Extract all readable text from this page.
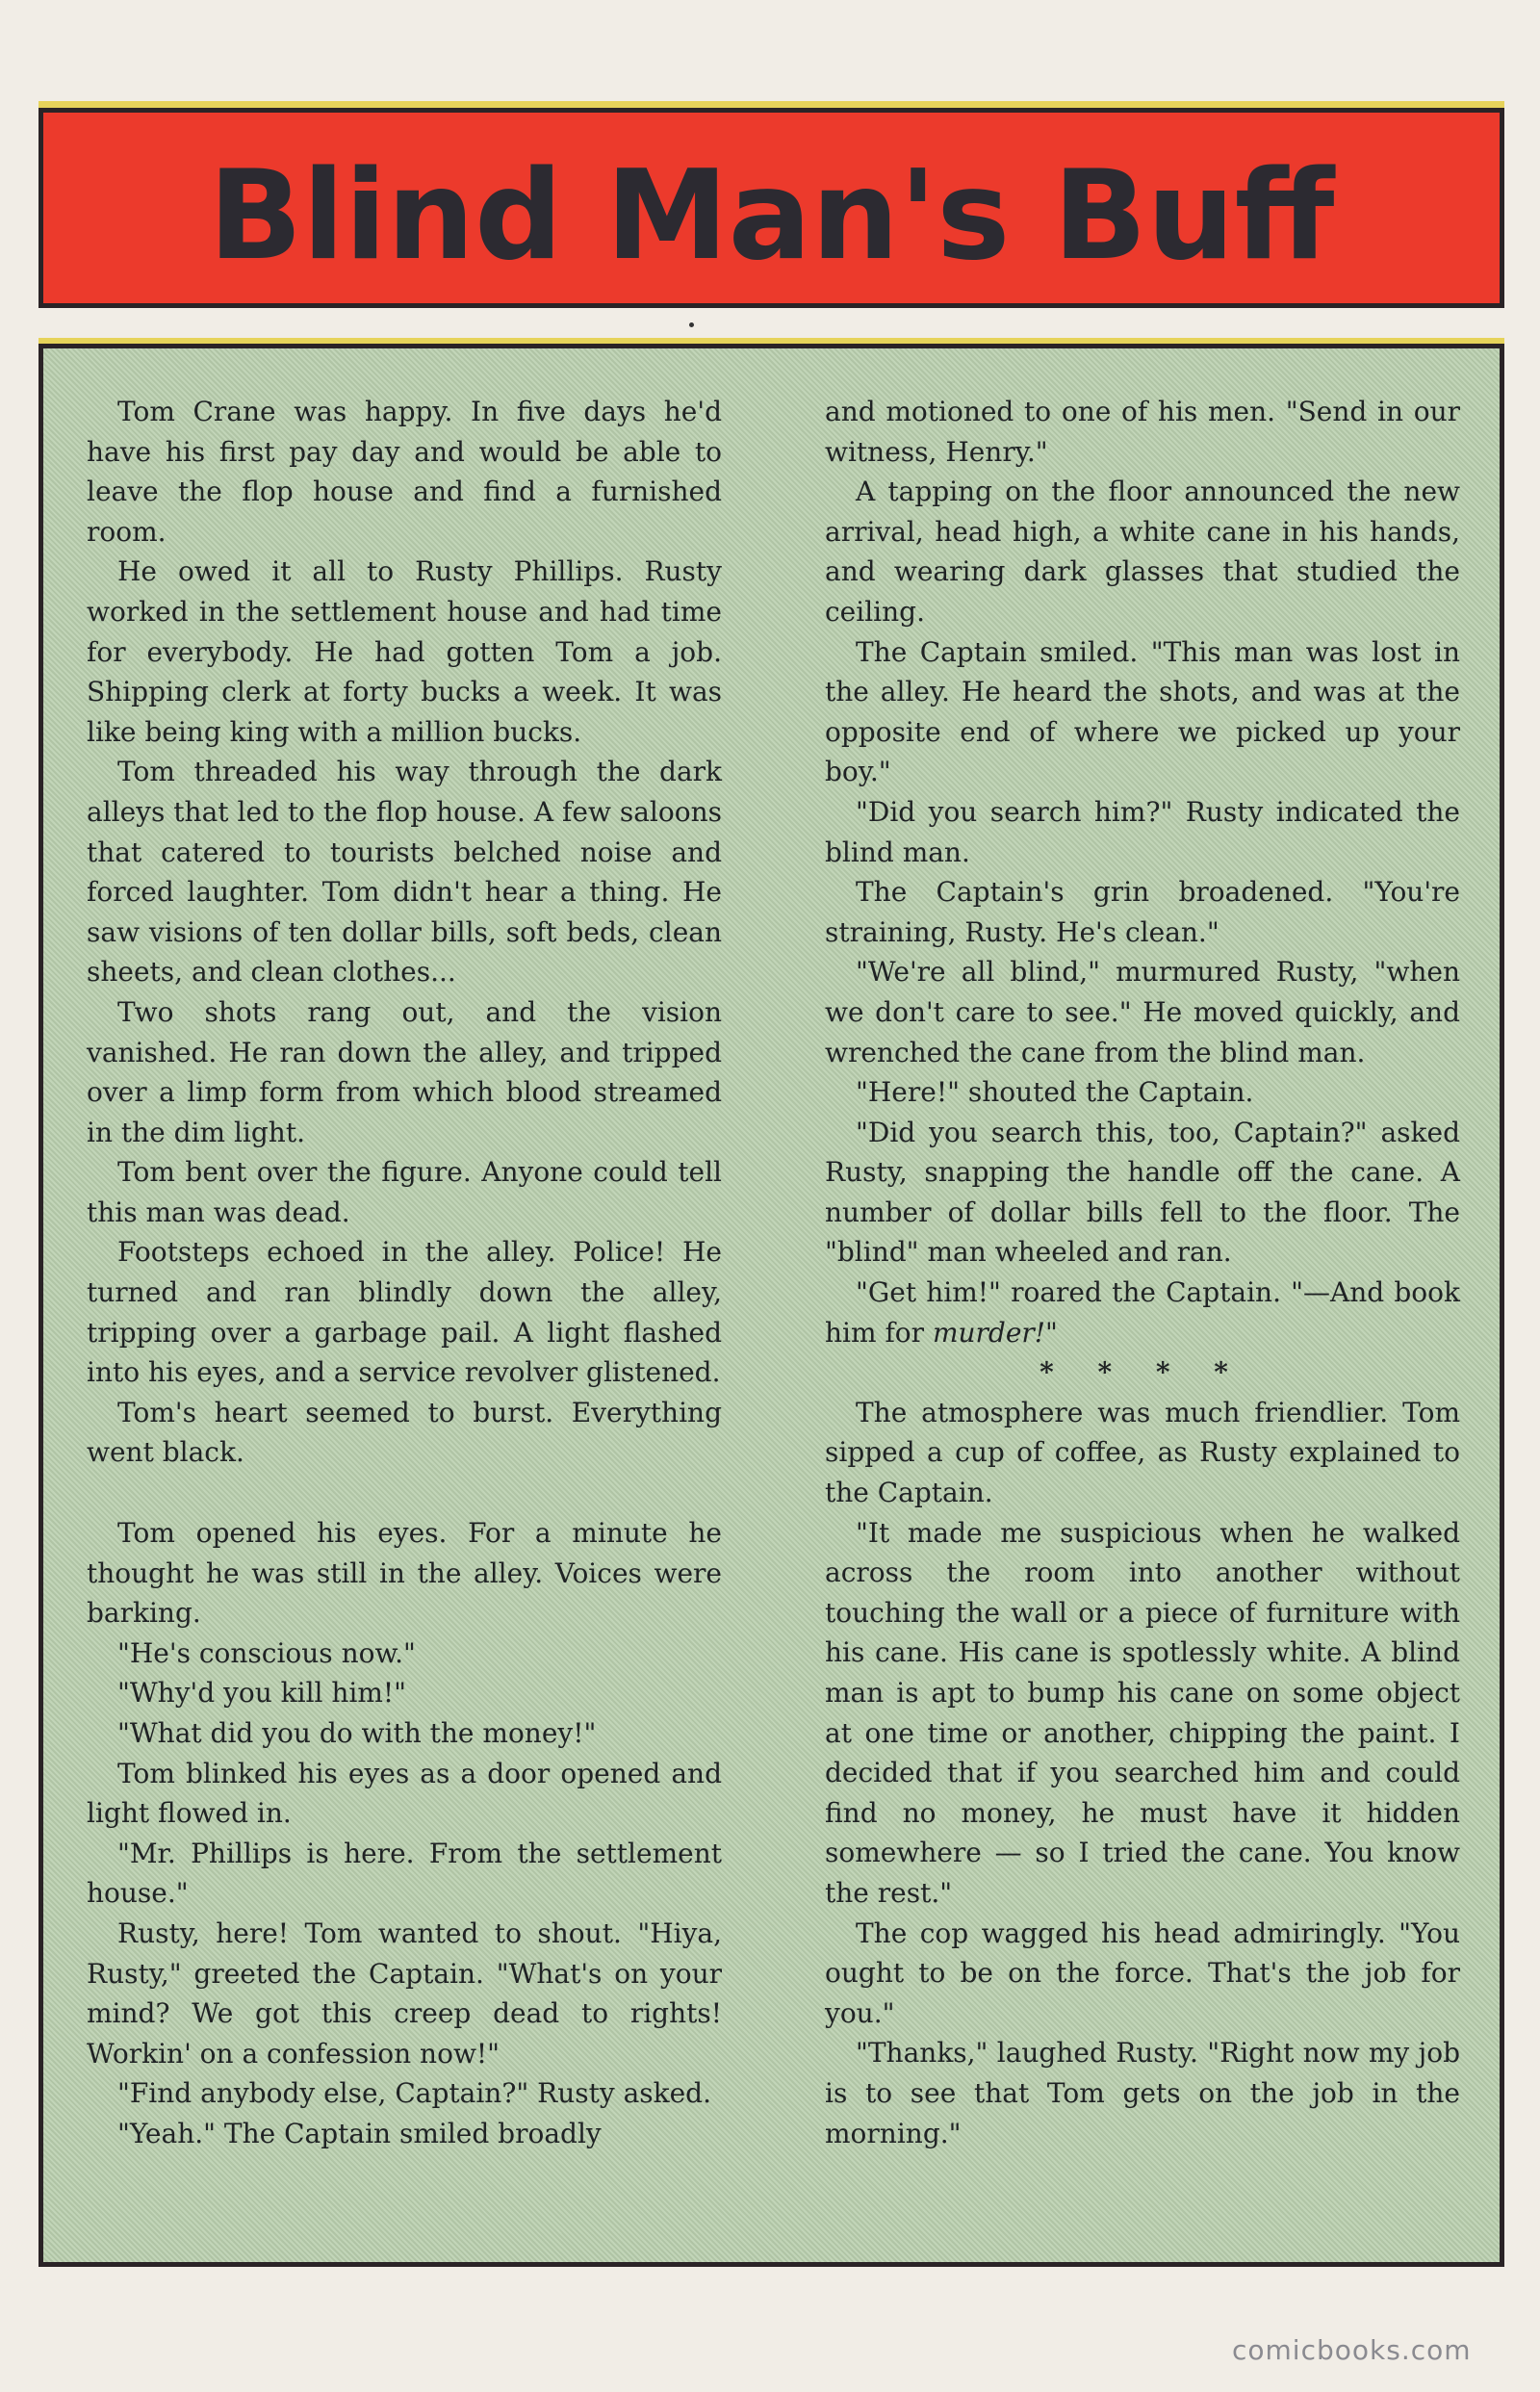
Blind Man's Buff

Tom Crane was happy. In five days he'd have his first pay day and would be able to leave the flop house and find a furnished room.

He owed it all to Rusty Phillips. Rusty worked in the settlement house and had time for everybody. He had gotten Tom a job. Shipping clerk at forty bucks a week. It was like being king with a million bucks.

Tom threaded his way through the dark alleys that led to the flop house. A few saloons that catered to tourists belched noise and forced laughter. Tom didn't hear a thing. He saw visions of ten dollar bills, soft beds, clean sheets, and clean clothes...

Two shots rang out, and the vision vanished. He ran down the alley, and tripped over a limp form from which blood streamed in the dim light.

Tom bent over the figure. Anyone could tell this man was dead.

Footsteps echoed in the alley. Police! He turned and ran blindly down the alley, tripping over a garbage pail. A light flashed into his eyes, and a service revolver glistened.

Tom's heart seemed to burst. Everything went black.

Tom opened his eyes. For a minute he thought he was still in the alley. Voices were barking.

"He's conscious now."

"Why'd you kill him!"

"What did you do with the money!"

Tom blinked his eyes as a door opened and light flowed in.

"Mr. Phillips is here. From the settlement house."

Rusty, here! Tom wanted to shout. "Hiya, Rusty," greeted the Captain. "What's on your mind? We got this creep dead to rights! Workin' on a confession now!"

"Find anybody else, Captain?" Rusty asked.

"Yeah." The Captain smiled broadly

and motioned to one of his men. "Send in our witness, Henry."

A tapping on the floor announced the new arrival, head high, a white cane in his hands, and wearing dark glasses that studied the ceiling.

The Captain smiled. "This man was lost in the alley. He heard the shots, and was at the opposite end of where we picked up your boy."

"Did you search him?" Rusty indicated the blind man.

The Captain's grin broadened. "You're straining, Rusty. He's clean."

"We're all blind," murmured Rusty, "when we don't care to see." He moved quickly, and wrenched the cane from the blind man.

"Here!" shouted the Captain.

"Did you search this, too, Captain?" asked Rusty, snapping the handle off the cane. A number of dollar bills fell to the floor. The "blind" man wheeled and ran.

"Get him!" roared the Captain. "—And book him for murder!"

* * * *

The atmosphere was much friendlier. Tom sipped a cup of coffee, as Rusty explained to the Captain.

"It made me suspicious when he walked across the room into another without touching the wall or a piece of furniture with his cane. His cane is spotlessly white. A blind man is apt to bump his cane on some object at one time or another, chipping the paint. I decided that if you searched him and could find no money, he must have it hidden somewhere — so I tried the cane. You know the rest."

The cop wagged his head admiringly. "You ought to be on the force. That's the job for you."

"Thanks," laughed Rusty. "Right now my job is to see that Tom gets on the job in the morning."

comicbooks.com
